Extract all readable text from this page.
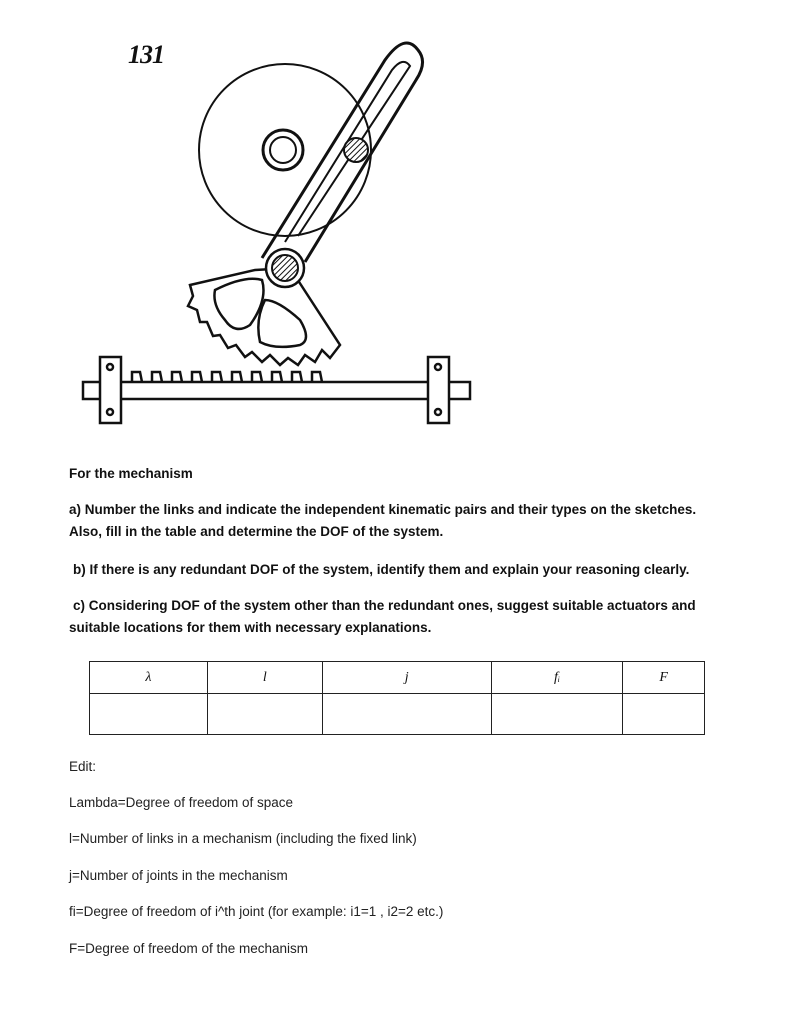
131
For the mechanism
a) Number the links and indicate the independent kinematic pairs and their types on the sketches.
Also, fill in the table and determine the DOF of the system.
b) If there is any redundant DOF of the system, identify them and explain your reasoning clearly.
c) Considering DOF of the system other than the redundant ones, suggest suitable actuators and
suitable locations for them with necessary explanations.
λ	l	j	fᵢ	F

Edit:
Lambda=Degree of freedom of space
l=Number of links in a mechanism (including the fixed link)
j=Number of joints in the mechanism
fi=Degree of freedom of i^th joint (for example: i1=1 , i2=2 etc.)
F=Degree of freedom of the mechanism
